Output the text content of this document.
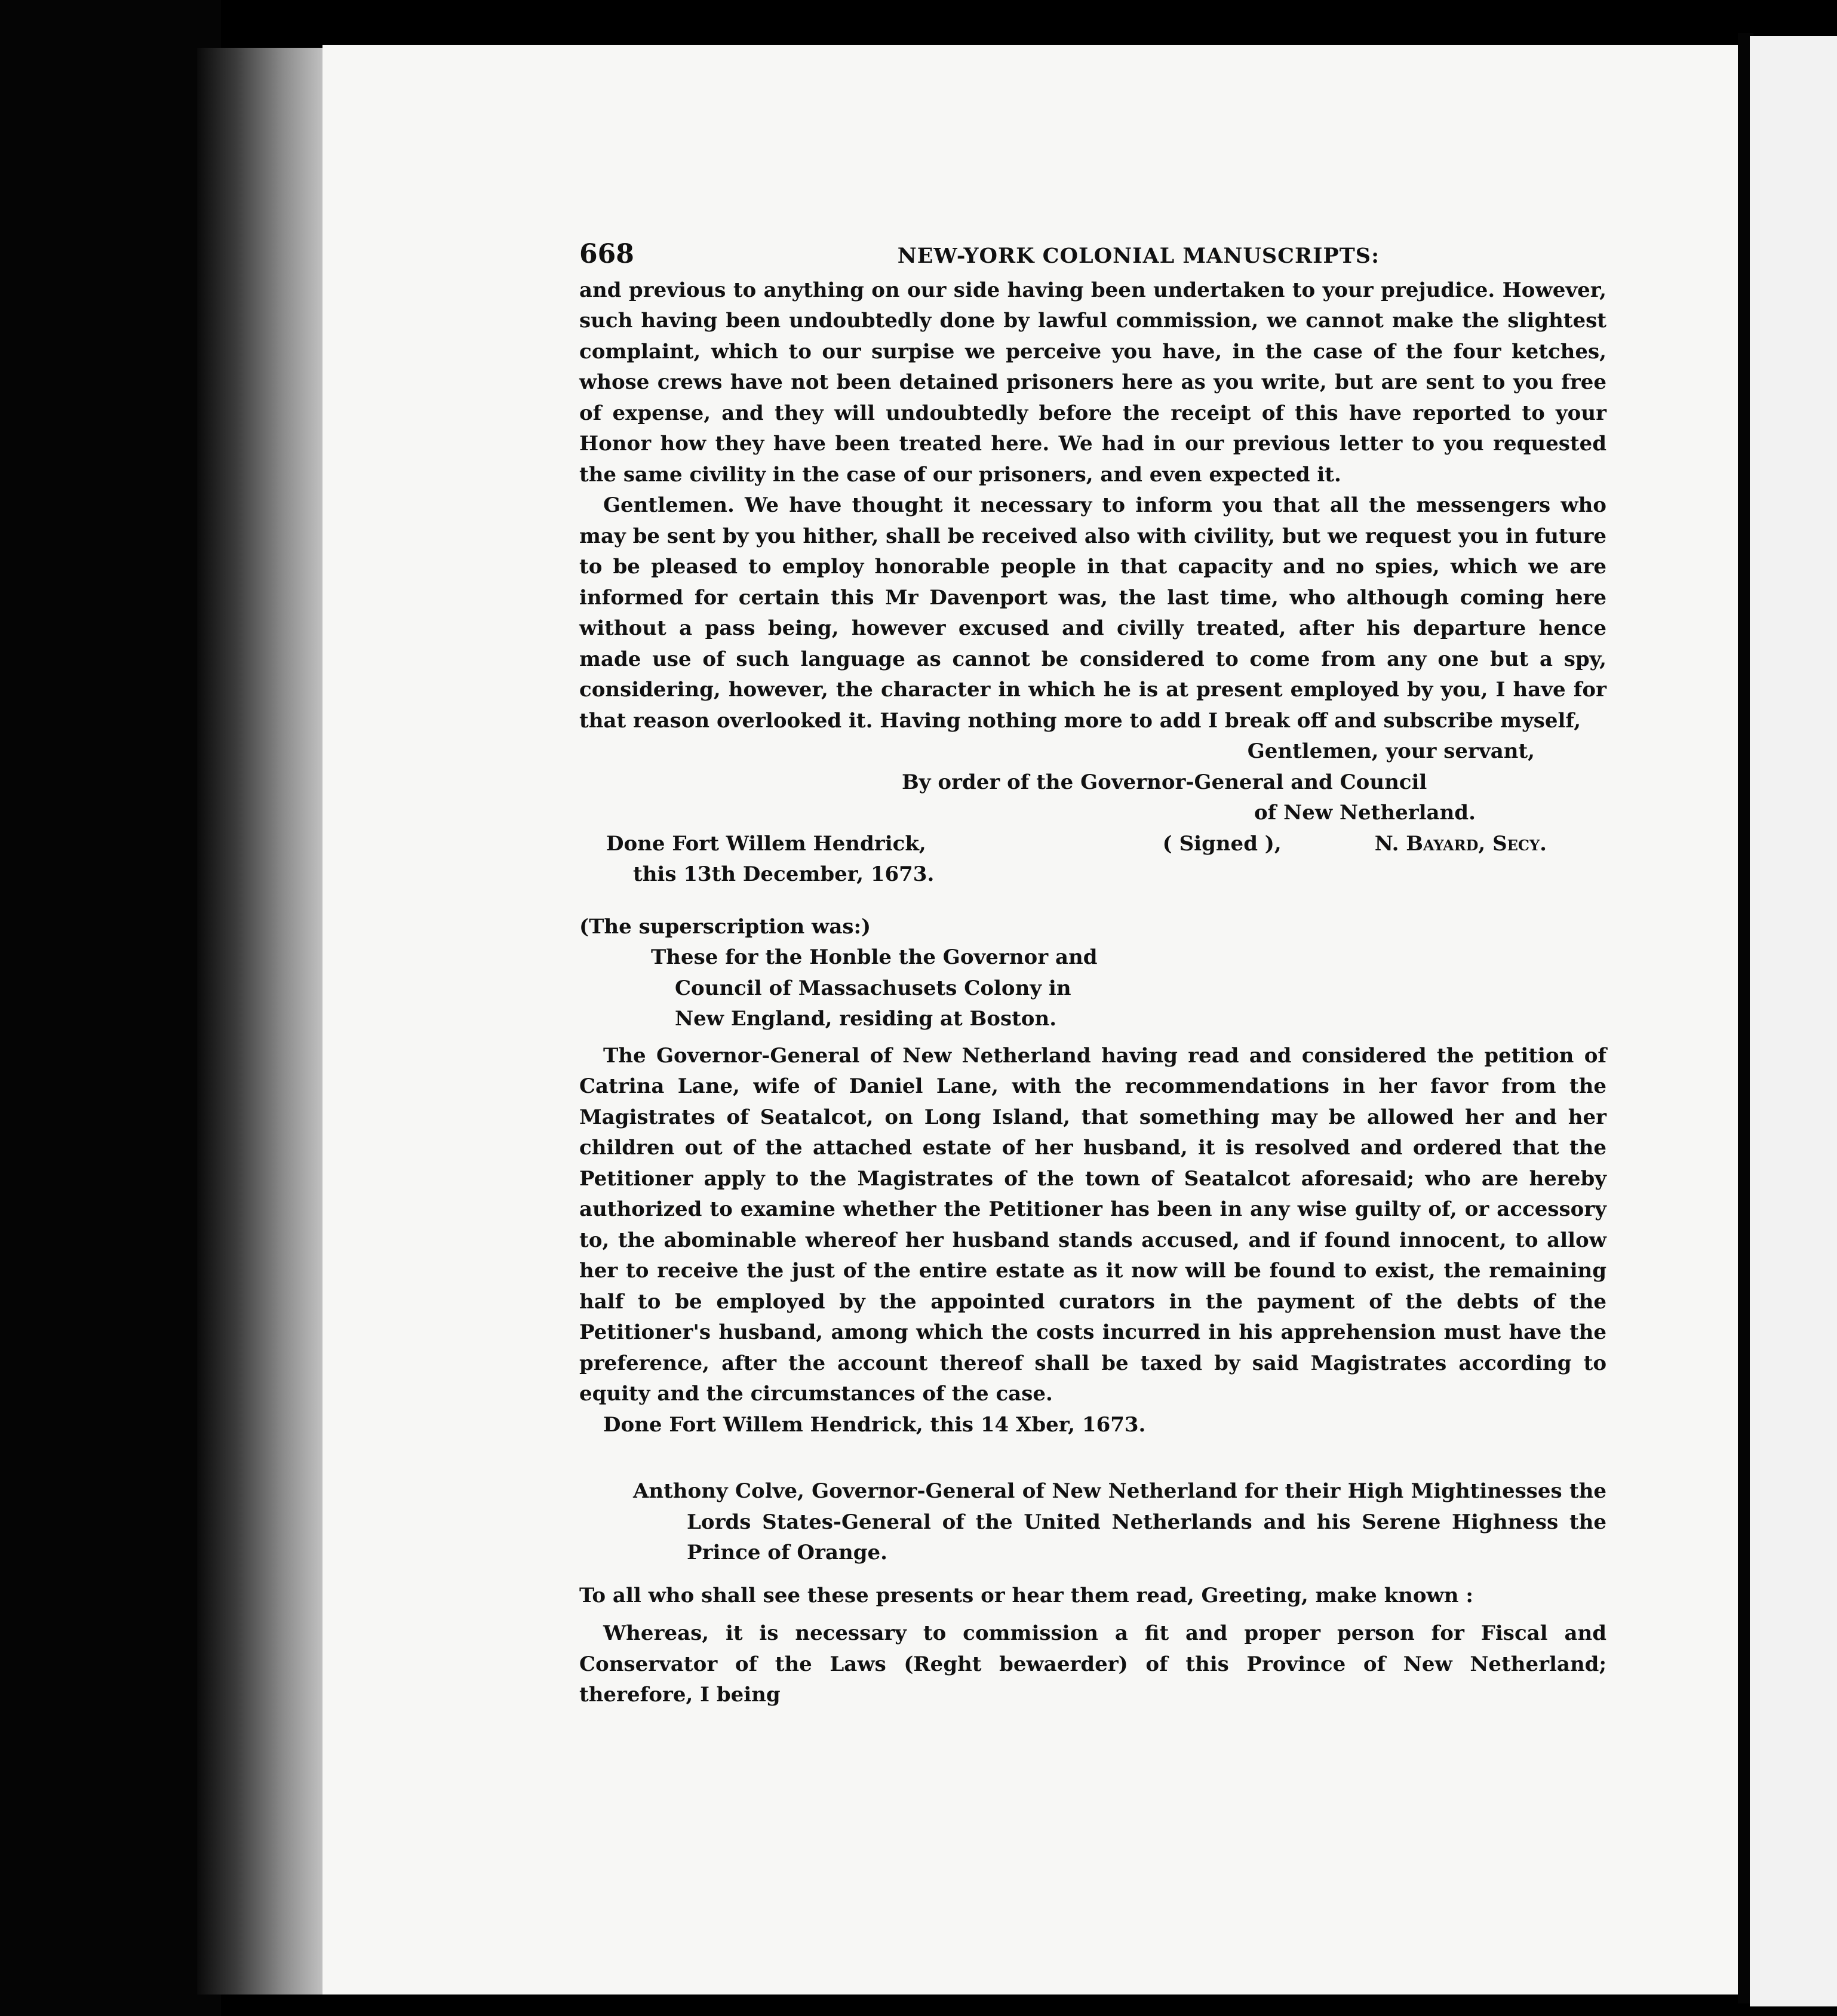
668	NEW-YORK COLONIAL MANUSCRIPTS:

and previous to anything on our side having been undertaken to your prejudice. However, such having been undoubtedly done by lawful commission, we cannot make the slightest complaint, which to our surpise we perceive you have, in the case of the four ketches, whose crews have not been detained prisoners here as you write, but are sent to you free of expense, and they will undoubtedly before the receipt of this have reported to your Honor how they have been treated here. We had in our previous letter to you requested the same civility in the case of our prisoners, and even expected it.

Gentlemen. We have thought it necessary to inform you that all the messengers who may be sent by you hither, shall be received also with civility, but we request you in future to be pleased to employ honorable people in that capacity and no spies, which we are informed for certain this Mr Davenport was, the last time, who although coming here without a pass being, however excused and civilly treated, after his departure hence made use of such language as cannot be considered to come from any one but a spy, considering, however, the character in which he is at present employed by you, I have for that reason overlooked it. Having nothing more to add I break off and subscribe myself,

Gentlemen, your servant,

By order of the Governor-General and Council

of New Netherland.

Done Fort Willem Hendrick,	( Signed ),	N. Bayard, Secy.

this 13th December, 1673.

(The superscription was:)

These for the Honble the Governor and

Council of Massachusets Colony in

New England, residing at Boston.

The Governor-General of New Netherland having read and considered the petition of Catrina Lane, wife of Daniel Lane, with the recommendations in her favor from the Magistrates of Seatalcot, on Long Island, that something may be allowed her and her children out of the attached estate of her husband, it is resolved and ordered that the Petitioner apply to the Magistrates of the town of Seatalcot aforesaid; who are hereby authorized to examine whether the Petitioner has been in any wise guilty of, or accessory to, the abominable whereof her husband stands accused, and if found innocent, to allow her to receive the just of the entire estate as it now will be found to exist, the remaining half to be employed by the appointed curators in the payment of the debts of the Petitioner's husband, among which the costs incurred in his apprehension must have the preference, after the account thereof shall be taxed by said Magistrates according to equity and the circumstances of the case.

Done Fort Willem Hendrick, this 14 Xber, 1673.

Anthony Colve, Governor-General of New Netherland for their High Mightinesses the Lords States-General of the United Netherlands and his Serene Highness the Prince of Orange.

To all who shall see these presents or hear them read, Greeting, make known :

Whereas, it is necessary to commission a fit and proper person for Fiscal and Conservator of the Laws (Reght bewaerder) of this Province of New Netherland; therefore, I being
